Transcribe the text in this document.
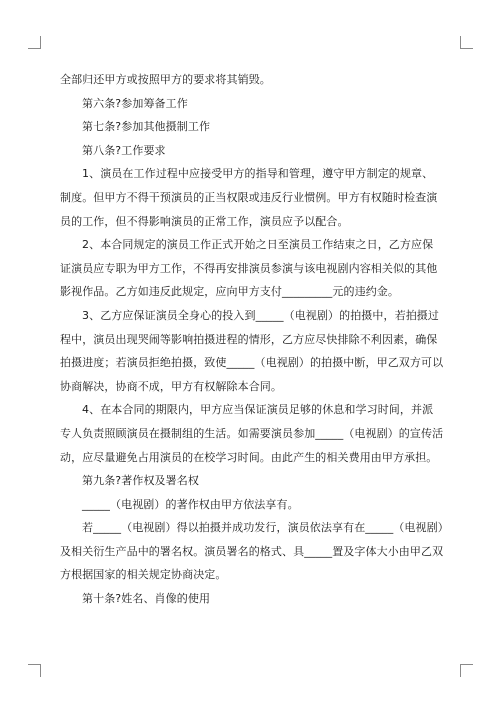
全部归还甲方或按照甲方的要求将其销毁。

第六条?参加筹备工作

第七条?参加其他摄制工作

第八条?工作要求

1、演员在工作过程中应接受甲方的指导和管理，遵守甲方制定的规章、制度。但甲方不得干预演员的正当权限或违反行业惯例。甲方有权随时检查演员的工作，但不得影响演员的正常工作，演员应予以配合。

2、本合同规定的演员工作正式开始之日至演员工作结束之日，乙方应保证演员应专职为甲方工作，不得再安排演员参演与该电视剧内容相关似的其他影视作品。乙方如违反此规定，应向甲方支付_________元的违约金。

3、乙方应保证演员全身心的投入到_____（电视剧）的拍摄中，若拍摄过程中，演员出现哭闹等影响拍摄进程的情形，乙方应尽快排除不利因素，确保拍摄进度；若演员拒绝拍摄，致使_____（电视剧）的拍摄中断，甲乙双方可以协商解决，协商不成，甲方有权解除本合同。

4、在本合同的期限内，甲方应当保证演员足够的休息和学习时间，并派专人负责照顾演员在摄制组的生活。如需要演员参加_____（电视剧）的宣传活动，应尽量避免占用演员的在校学习时间。由此产生的相关费用由甲方承担。

第九条?著作权及署名权

_____（电视剧）的著作权由甲方依法享有。

若_____（电视剧）得以拍摄并成功发行，演员依法享有在_____（电视剧）及相关衍生产品中的署名权。演员署名的格式、具_____置及字体大小由甲乙双方根据国家的相关规定协商决定。

第十条?姓名、肖像的使用
